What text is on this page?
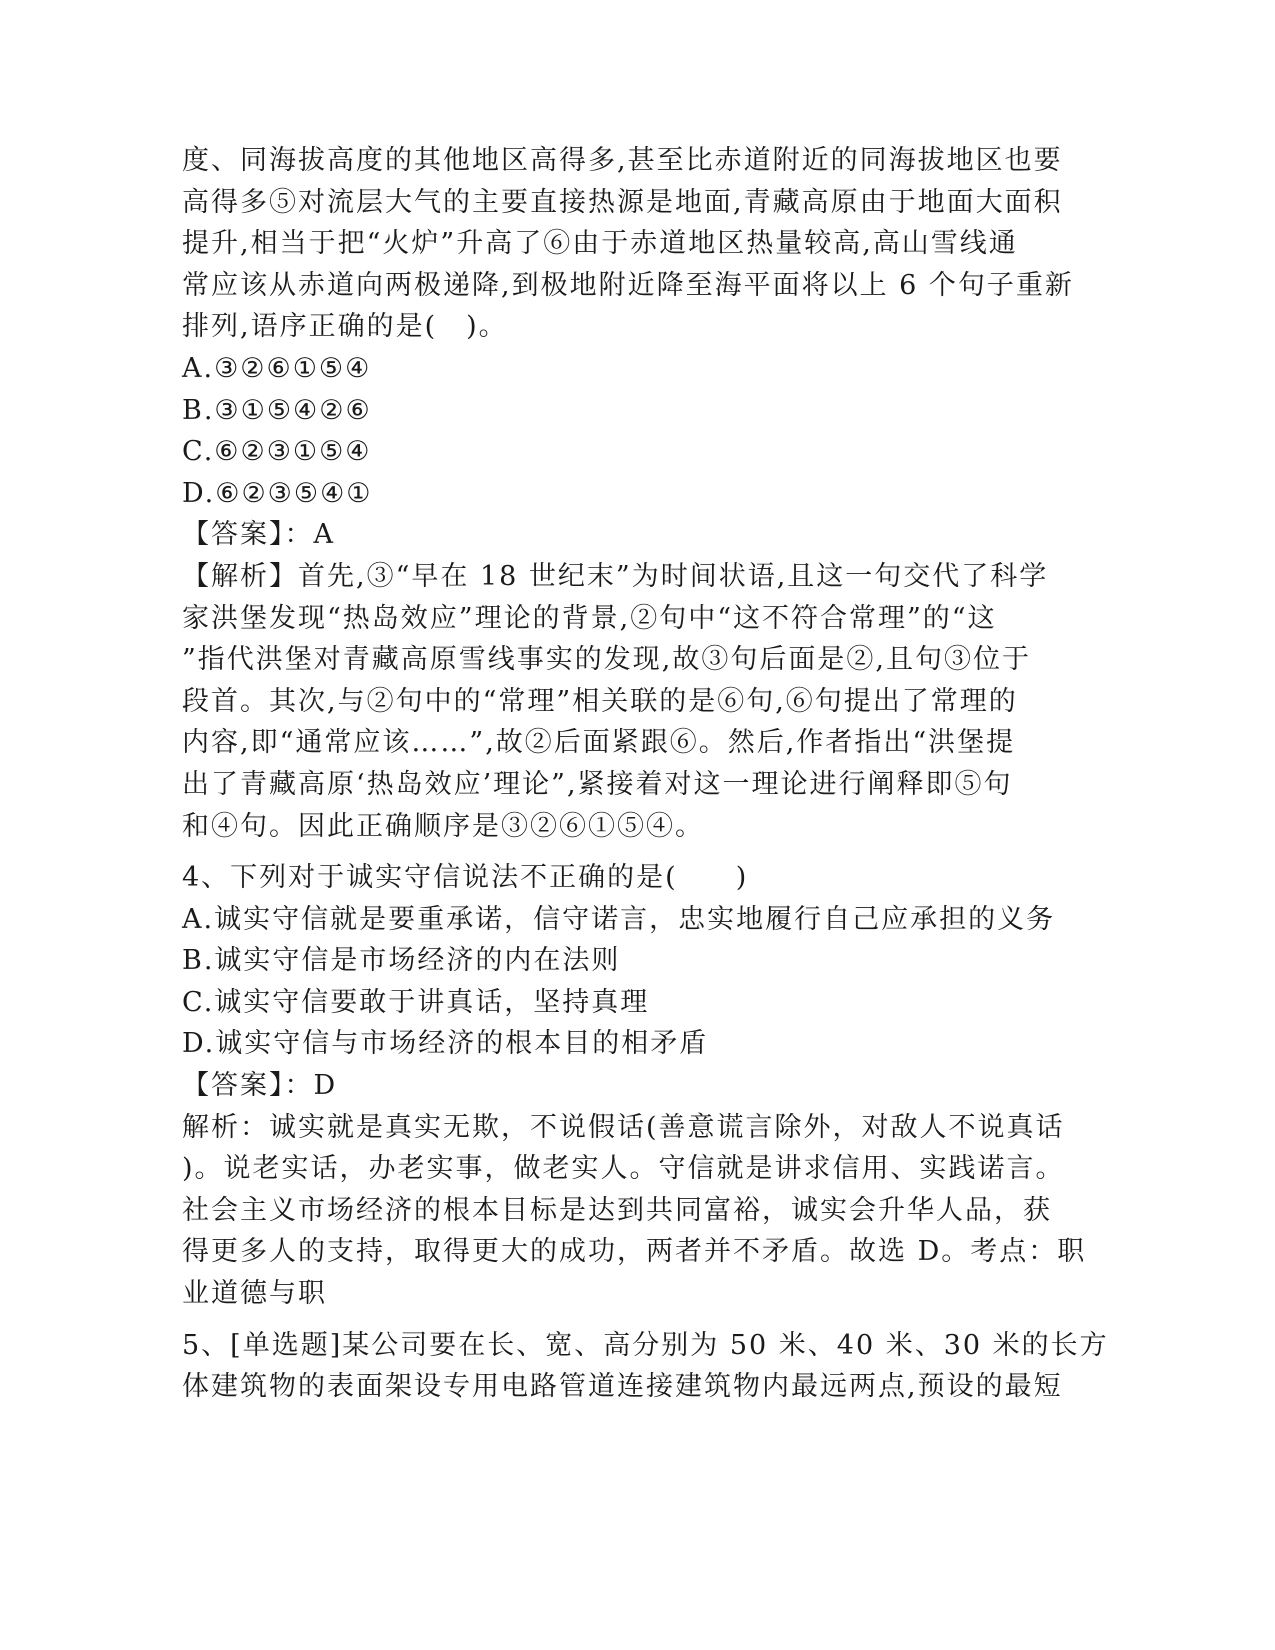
度、同海拔高度的其他地区高得多,甚至比赤道附近的同海拔地区也要
高得多⑤对流层大气的主要直接热源是地面,青藏高原由于地面大面积
提升,相当于把“火炉”升高了⑥由于赤道地区热量较高,高山雪线通
常应该从赤道向两极递降,到极地附近降至海平面将以上 6 个句子重新
排列,语序正确的是(　)。
A.③②⑥①⑤④
B.③①⑤④②⑥
C.⑥②③①⑤④
D.⑥②③⑤④①
【答案】：A
【解析】首先,③“早在 18 世纪末”为时间状语,且这一句交代了科学
家洪堡发现“热岛效应”理论的背景,②句中“这不符合常理”的“这
”指代洪堡对青藏高原雪线事实的发现,故③句后面是②,且句③位于
段首。其次,与②句中的“常理”相关联的是⑥句,⑥句提出了常理的
内容,即“通常应该……”,故②后面紧跟⑥。然后,作者指出“洪堡提
出了青藏高原‘热岛效应’理论”,紧接着对这一理论进行阐释即⑤句
和④句。因此正确顺序是③②⑥①⑤④。
4、下列对于诚实守信说法不正确的是(　　)
A.诚实守信就是要重承诺，信守诺言，忠实地履行自己应承担的义务
B.诚实守信是市场经济的内在法则
C.诚实守信要敢于讲真话，坚持真理
D.诚实守信与市场经济的根本目的相矛盾
【答案】：D
解析：诚实就是真实无欺，不说假话(善意谎言除外，对敌人不说真话
)。说老实话，办老实事，做老实人。守信就是讲求信用、实践诺言。
社会主义市场经济的根本目标是达到共同富裕，诚实会升华人品，获
得更多人的支持，取得更大的成功，两者并不矛盾。故选 D。考点：职
业道德与职
5、[单选题]某公司要在长、宽、高分别为 50 米、40 米、30 米的长方
体建筑物的表面架设专用电路管道连接建筑物内最远两点,预设的最短
